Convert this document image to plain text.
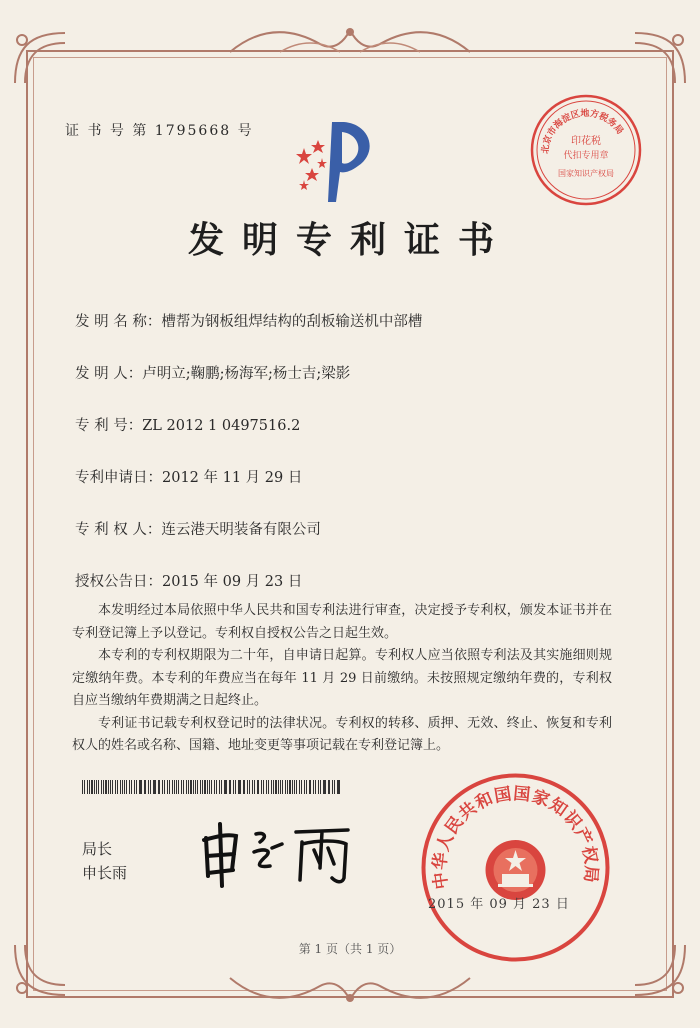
证 书 号 第 1795668 号
北京市海淀区地方税务局
印花税
代扣专用章
国家知识产权局
发明专利证书
发 明 名 称：槽帮为钢板组焊结构的刮板输送机中部槽
发 明 人：卢明立;鞠鹏;杨海军;杨士吉;梁影
专 利 号：ZL 2012 1 0497516.2
专利申请日：2012 年 11 月 29 日
专 利 权 人：连云港天明装备有限公司
授权公告日：2015 年 09 月 23 日

本发明经过本局依照中华人民共和国专利法进行审查，决定授予专利权，颁发本证书并在专利登记簿上予以登记。专利权自授权公告之日起生效。

本专利的专利权期限为二十年，自申请日起算。专利权人应当依照专利法及其实施细则规定缴纳年费。本专利的年费应当在每年 11 月 29 日前缴纳。未按照规定缴纳年费的，专利权自应当缴纳年费期满之日起终止。

专利证书记载专利权登记时的法律状况。专利权的转移、质押、无效、终止、恢复和专利权人的姓名或名称、国籍、地址变更等事项记载在专利登记簿上。

局长
申长雨	中华人民共和国国家知识产权局
2015 年 09 月 23 日
第 1 页（共 1 页）
